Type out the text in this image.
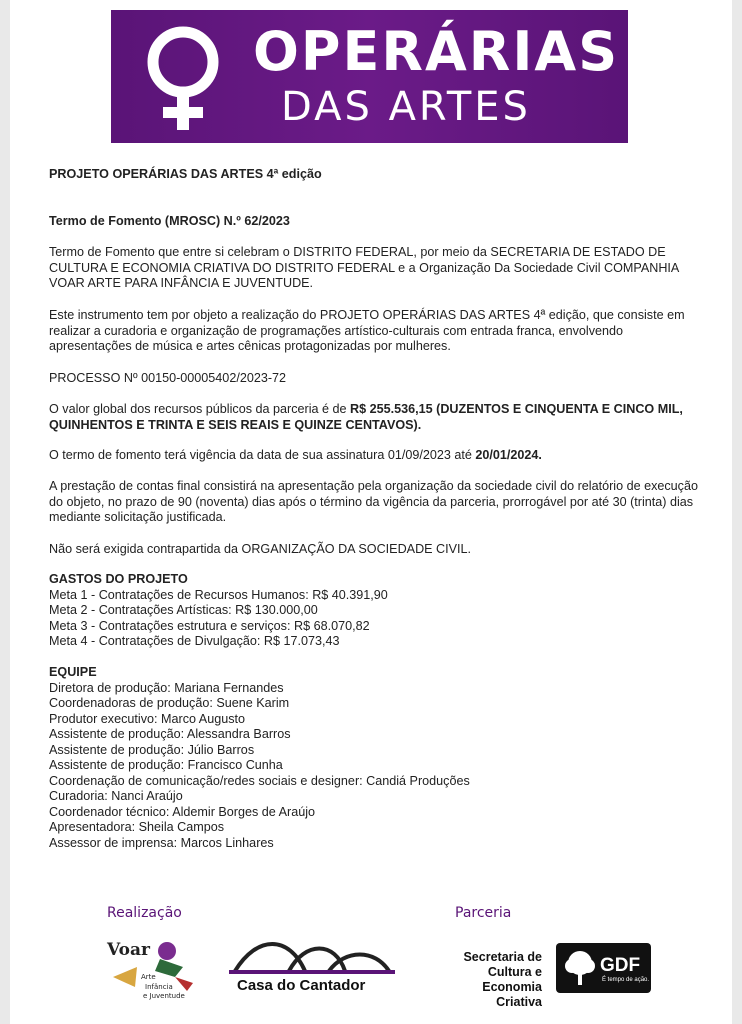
OPERÁRIAS
DAS ARTES

PROJETO OPERÁRIAS DAS ARTES 4ª edição

Termo de Fomento (MROSC) N.º 62/2023

Termo de Fomento que entre si celebram o DISTRITO FEDERAL, por meio da SECRETARIA DE ESTADO DE CULTURA E ECONOMIA CRIATIVA DO DISTRITO FEDERAL e a Organização Da Sociedade Civil COMPANHIA VOAR ARTE PARA INFÂNCIA E JUVENTUDE.

Este instrumento tem por objeto a realização do PROJETO OPERÁRIAS DAS ARTES 4ª edição, que consiste em realizar a curadoria e organização de programações artístico-culturais com entrada franca, envolvendo apresentações de música e artes cênicas protagonizadas por mulheres.

PROCESSO Nº 00150-00005402/2023-72

O valor global dos recursos públicos da parceria é de R$ 255.536,15 (DUZENTOS E CINQUENTA E CINCO MIL, QUINHENTOS E TRINTA E SEIS REAIS E QUINZE CENTAVOS).

O termo de fomento terá vigência da data de sua assinatura 01/09/2023 até 20/01/2024.

A prestação de contas final consistirá na apresentação pela organização da sociedade civil do relatório de execução do objeto, no prazo de 90 (noventa) dias após o término da vigência da parceria, prorrogável por até 30 (trinta) dias mediante solicitação justificada.

Não será exigida contrapartida da ORGANIZAÇÃO DA SOCIEDADE CIVIL.

GASTOS DO PROJETO
Meta 1 - Contratações de Recursos Humanos: R$ 40.391,90
Meta 2 - Contratações Artísticas: R$ 130.000,00
Meta 3 - Contratações estrutura e serviços: R$ 68.070,82
Meta 4 - Contratações de Divulgação: R$ 17.073,43
EQUIPE
Diretora de produção: Mariana Fernandes
Coordenadoras de produção: Suene Karim
Produtor executivo: Marco Augusto
Assistente de produção: Alessandra Barros
Assistente de produção: Júlio Barros
Assistente de produção: Francisco Cunha
Coordenação de comunicação/redes sociais e designer: Candiá Produções
Curadoria: Nanci Araújo
Coordenador técnico: Aldemir Borges de Araújo
Apresentadora: Sheila Campos
Assessor de imprensa: Marcos Linhares
Realização	Parceria
Voar
Arte
Infância
e Juventude
Casa do Cantador
Secretaria de
Cultura e
Economia Criativa
GDF
É tempo de ação.
